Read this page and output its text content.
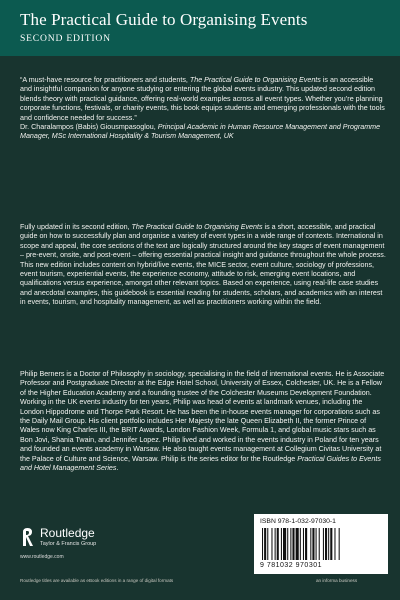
The Practical Guide to Organising Events
SECOND EDITION

“A must-have resource for practitioners and students, The Practical Guide to Organising Events is an accessible and insightful companion for anyone studying or entering the global events industry. This updated second edition blends theory with practical guidance, offering real-world examples across all event types. Whether you’re planning corporate functions, festivals, or charity events, this book equips students and emerging professionals with the tools and confidence needed for success.”

Dr. Charalampos (Babis) Giousmpasoglou, Principal Academic in Human Resource Management and Programme Manager, MSc International Hospitality & Tourism Management, UK

Fully updated in its second edition, The Practical Guide to Organising Events is a short, accessible, and practical guide on how to successfully plan and organise a variety of event types in a wide range of contexts. International in scope and appeal, the core sections of the text are logically structured around the key stages of event management – pre-event, onsite, and post-event – offering essential practical insight and guidance throughout the whole process. This new edition includes content on hybrid/live events, the MICE sector, event culture, sociology of professions, event tourism, experiential events, the experience economy, attitude to risk, emerging event locations, and qualifications versus experience, amongst other relevant topics. Based on experience, using real-life case studies and anecdotal examples, this guidebook is essential reading for students, scholars, and academics with an interest in events, tourism, and hospitality management, as well as practitioners working within the field.
Philip Berners is a Doctor of Philosophy in sociology, specialising in the field of international events. He is Associate Professor and Postgraduate Director at the Edge Hotel School, University of Essex, Colchester, UK. He is a Fellow of the Higher Education Academy and a founding trustee of the Colchester Museums Development Foundation. Working in the UK events industry for ten years, Philip was head of events at landmark venues, including the London Hippodrome and Thorpe Park Resort. He has been the in-house events manager for corporations such as the Daily Mail Group. His client portfolio includes Her Majesty the late Queen Elizabeth II, the former Prince of Wales now King Charles III, the BRIT Awards, London Fashion Week, Formula 1, and global music stars such as Bon Jovi, Shania Twain, and Jennifer Lopez. Philip lived and worked in the events industry in Poland for ten years and founded an events academy in Warsaw. He also taught events management at Collegium Civitas University at the Palace of Culture and Science, Warsaw. Philip is the series editor for the Routledge Practical Guides to Events and Hotel Management Series.
Routledge
Taylor & Francis Group
www.routledge.com
ISBN 978-1-032-97030-1
9 781032 970301
Routledge titles are available as eBook editions in a range of digital formats	an informa business
